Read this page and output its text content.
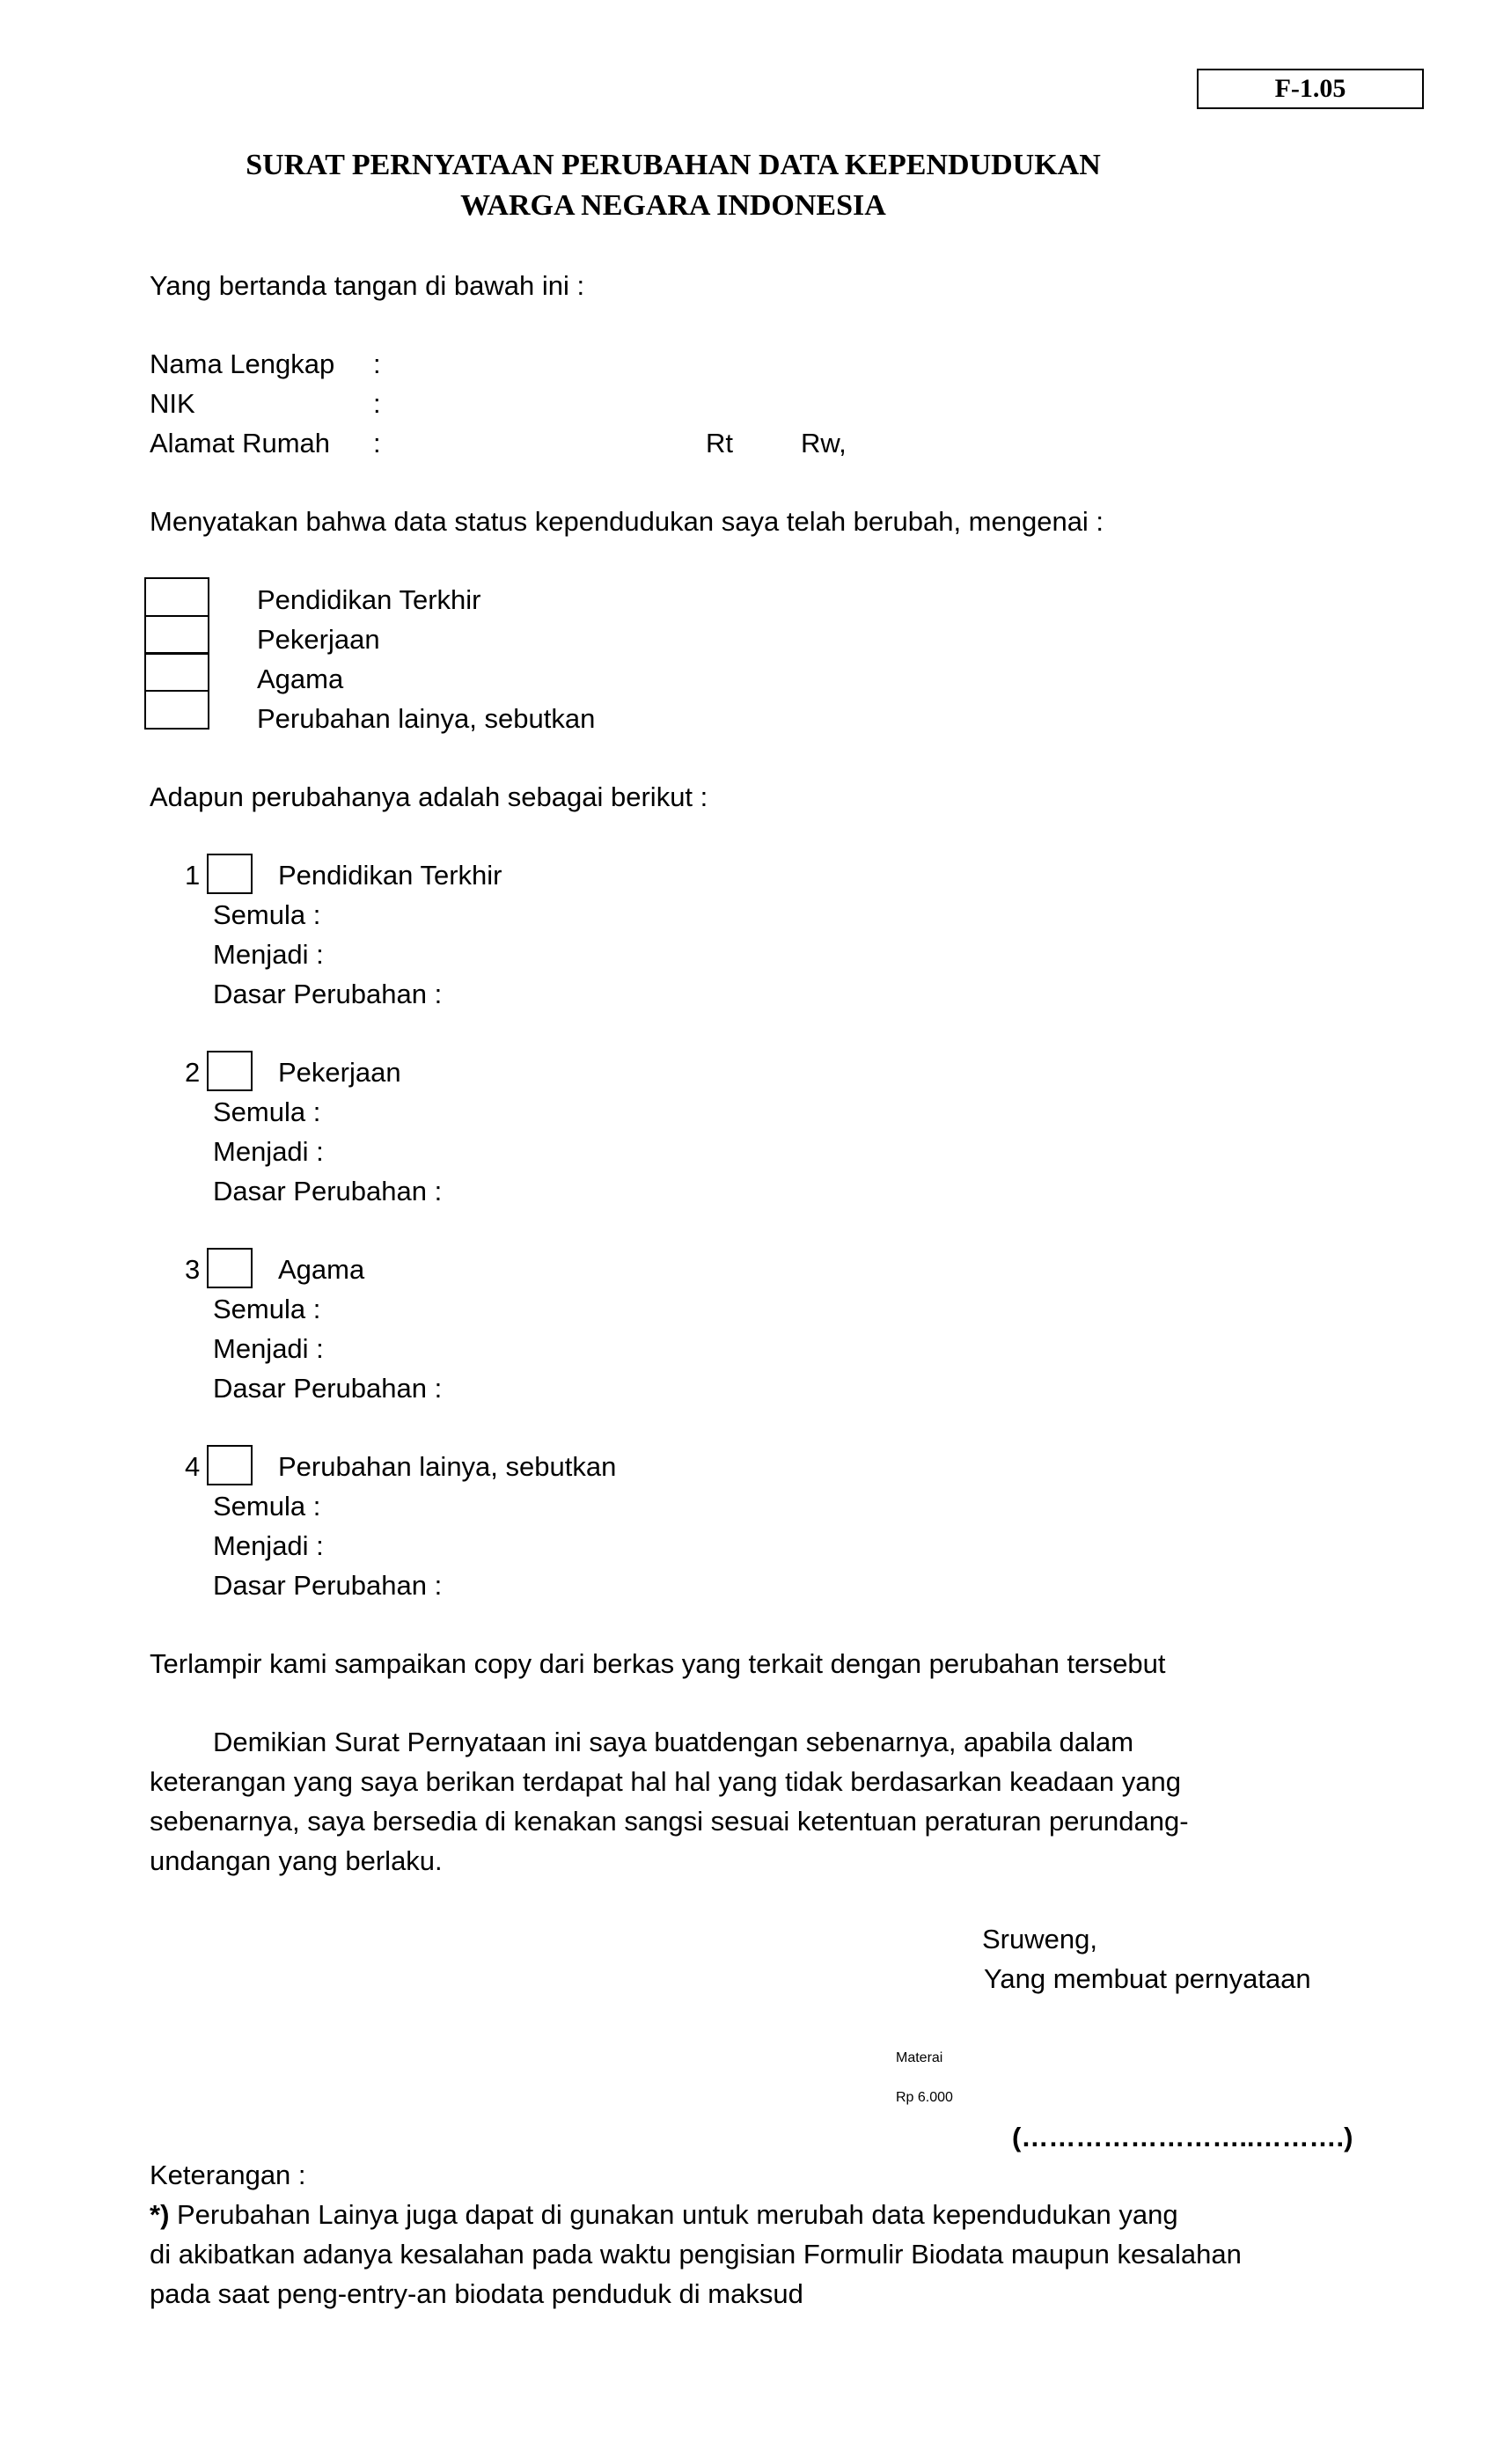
F-1.05
SURAT PERNYATAAN PERUBAHAN DATA KEPENDUDUKAN
WARGA NEGARA INDONESIA
Yang bertanda tangan di bawah ini :
Nama Lengkap :
NIK	:
Alamat Rumah :	Rt Rw,
Menyatakan bahwa data status kependudukan saya telah berubah, mengenai :
Pendidikan Terkhir
Pekerjaan
Agama
Perubahan lainya, sebutkan
Adapun perubahanya adalah sebagai berikut :
1	Pendidikan Terkhir
Semula :
Menjadi :
Dasar Perubahan :
2	Pekerjaan
Semula :
Menjadi :
Dasar Perubahan :
3	Agama
Semula :
Menjadi :
Dasar Perubahan :
4	Perubahan lainya, sebutkan
Semula :
Menjadi :
Dasar Perubahan :
Terlampir kami sampaikan copy dari berkas yang terkait dengan perubahan tersebut
Demikian Surat Pernyataan ini saya buatdengan sebenarnya, apabila dalam
keterangan yang saya berikan terdapat hal hal yang tidak berdasarkan keadaan yang
sebenarnya, saya bersedia di kenakan sangsi sesuai ketentuan peraturan perundang-
undangan yang berlaku.
Sruweng,
Yang membuat pernyataan
Materai
Rp 6.000
(……………………..……….)
Keterangan :
*) Perubahan Lainya juga dapat di gunakan untuk merubah data kependudukan yang
di akibatkan adanya kesalahan pada waktu pengisian Formulir Biodata maupun kesalahan
pada saat peng-entry-an biodata penduduk di maksud
